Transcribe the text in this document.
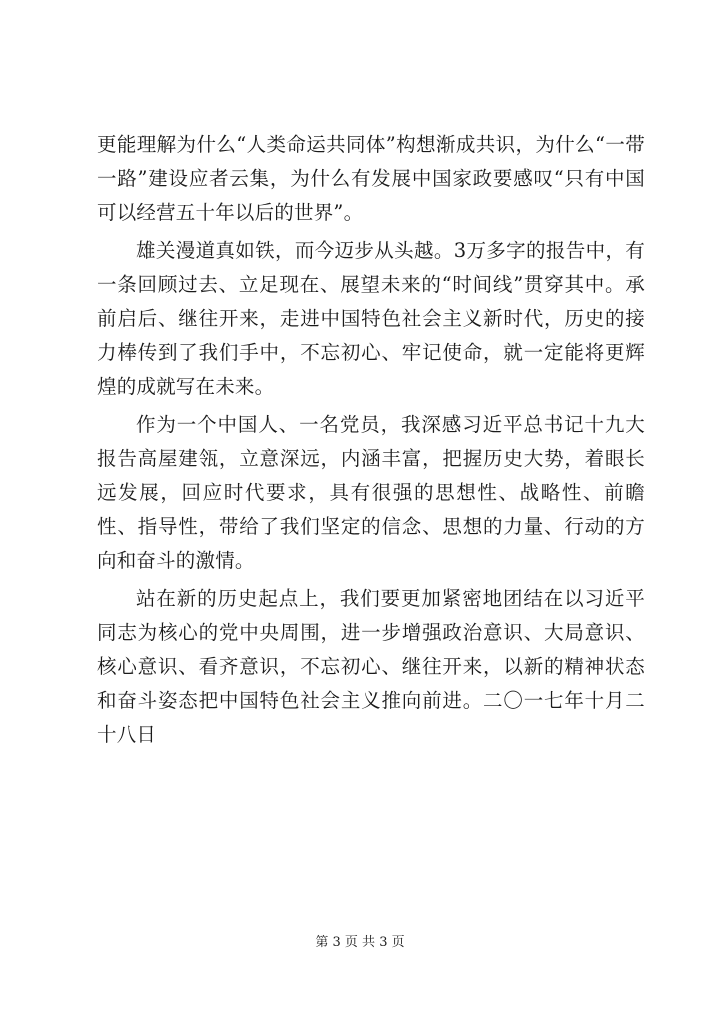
更能理解为什么“人类命运共同体”构想渐成共识，为什么“一带一路”建设应者云集，为什么有发展中国家政要感叹“只有中国可以经营五十年以后的世界”。

雄关漫道真如铁，而今迈步从头越。3万多字的报告中，有一条回顾过去、立足现在、展望未来的“时间线”贯穿其中。承前启后、继往开来，走进中国特色社会主义新时代，历史的接力棒传到了我们手中，不忘初心、牢记使命，就一定能将更辉煌的成就写在未来。

作为一个中国人、一名党员，我深感习近平总书记十九大报告高屋建瓴，立意深远，内涵丰富，把握历史大势，着眼长远发展，回应时代要求，具有很强的思想性、战略性、前瞻性、指导性，带给了我们坚定的信念、思想的力量、行动的方向和奋斗的激情。

站在新的历史起点上，我们要更加紧密地团结在以习近平同志为核心的党中央周围，进一步增强政治意识、大局意识、核心意识、看齐意识，不忘初心、继往开来，以新的精神状态和奋斗姿态把中国特色社会主义推向前进。二〇一七年十月二十八日

第 3 页 共 3 页
